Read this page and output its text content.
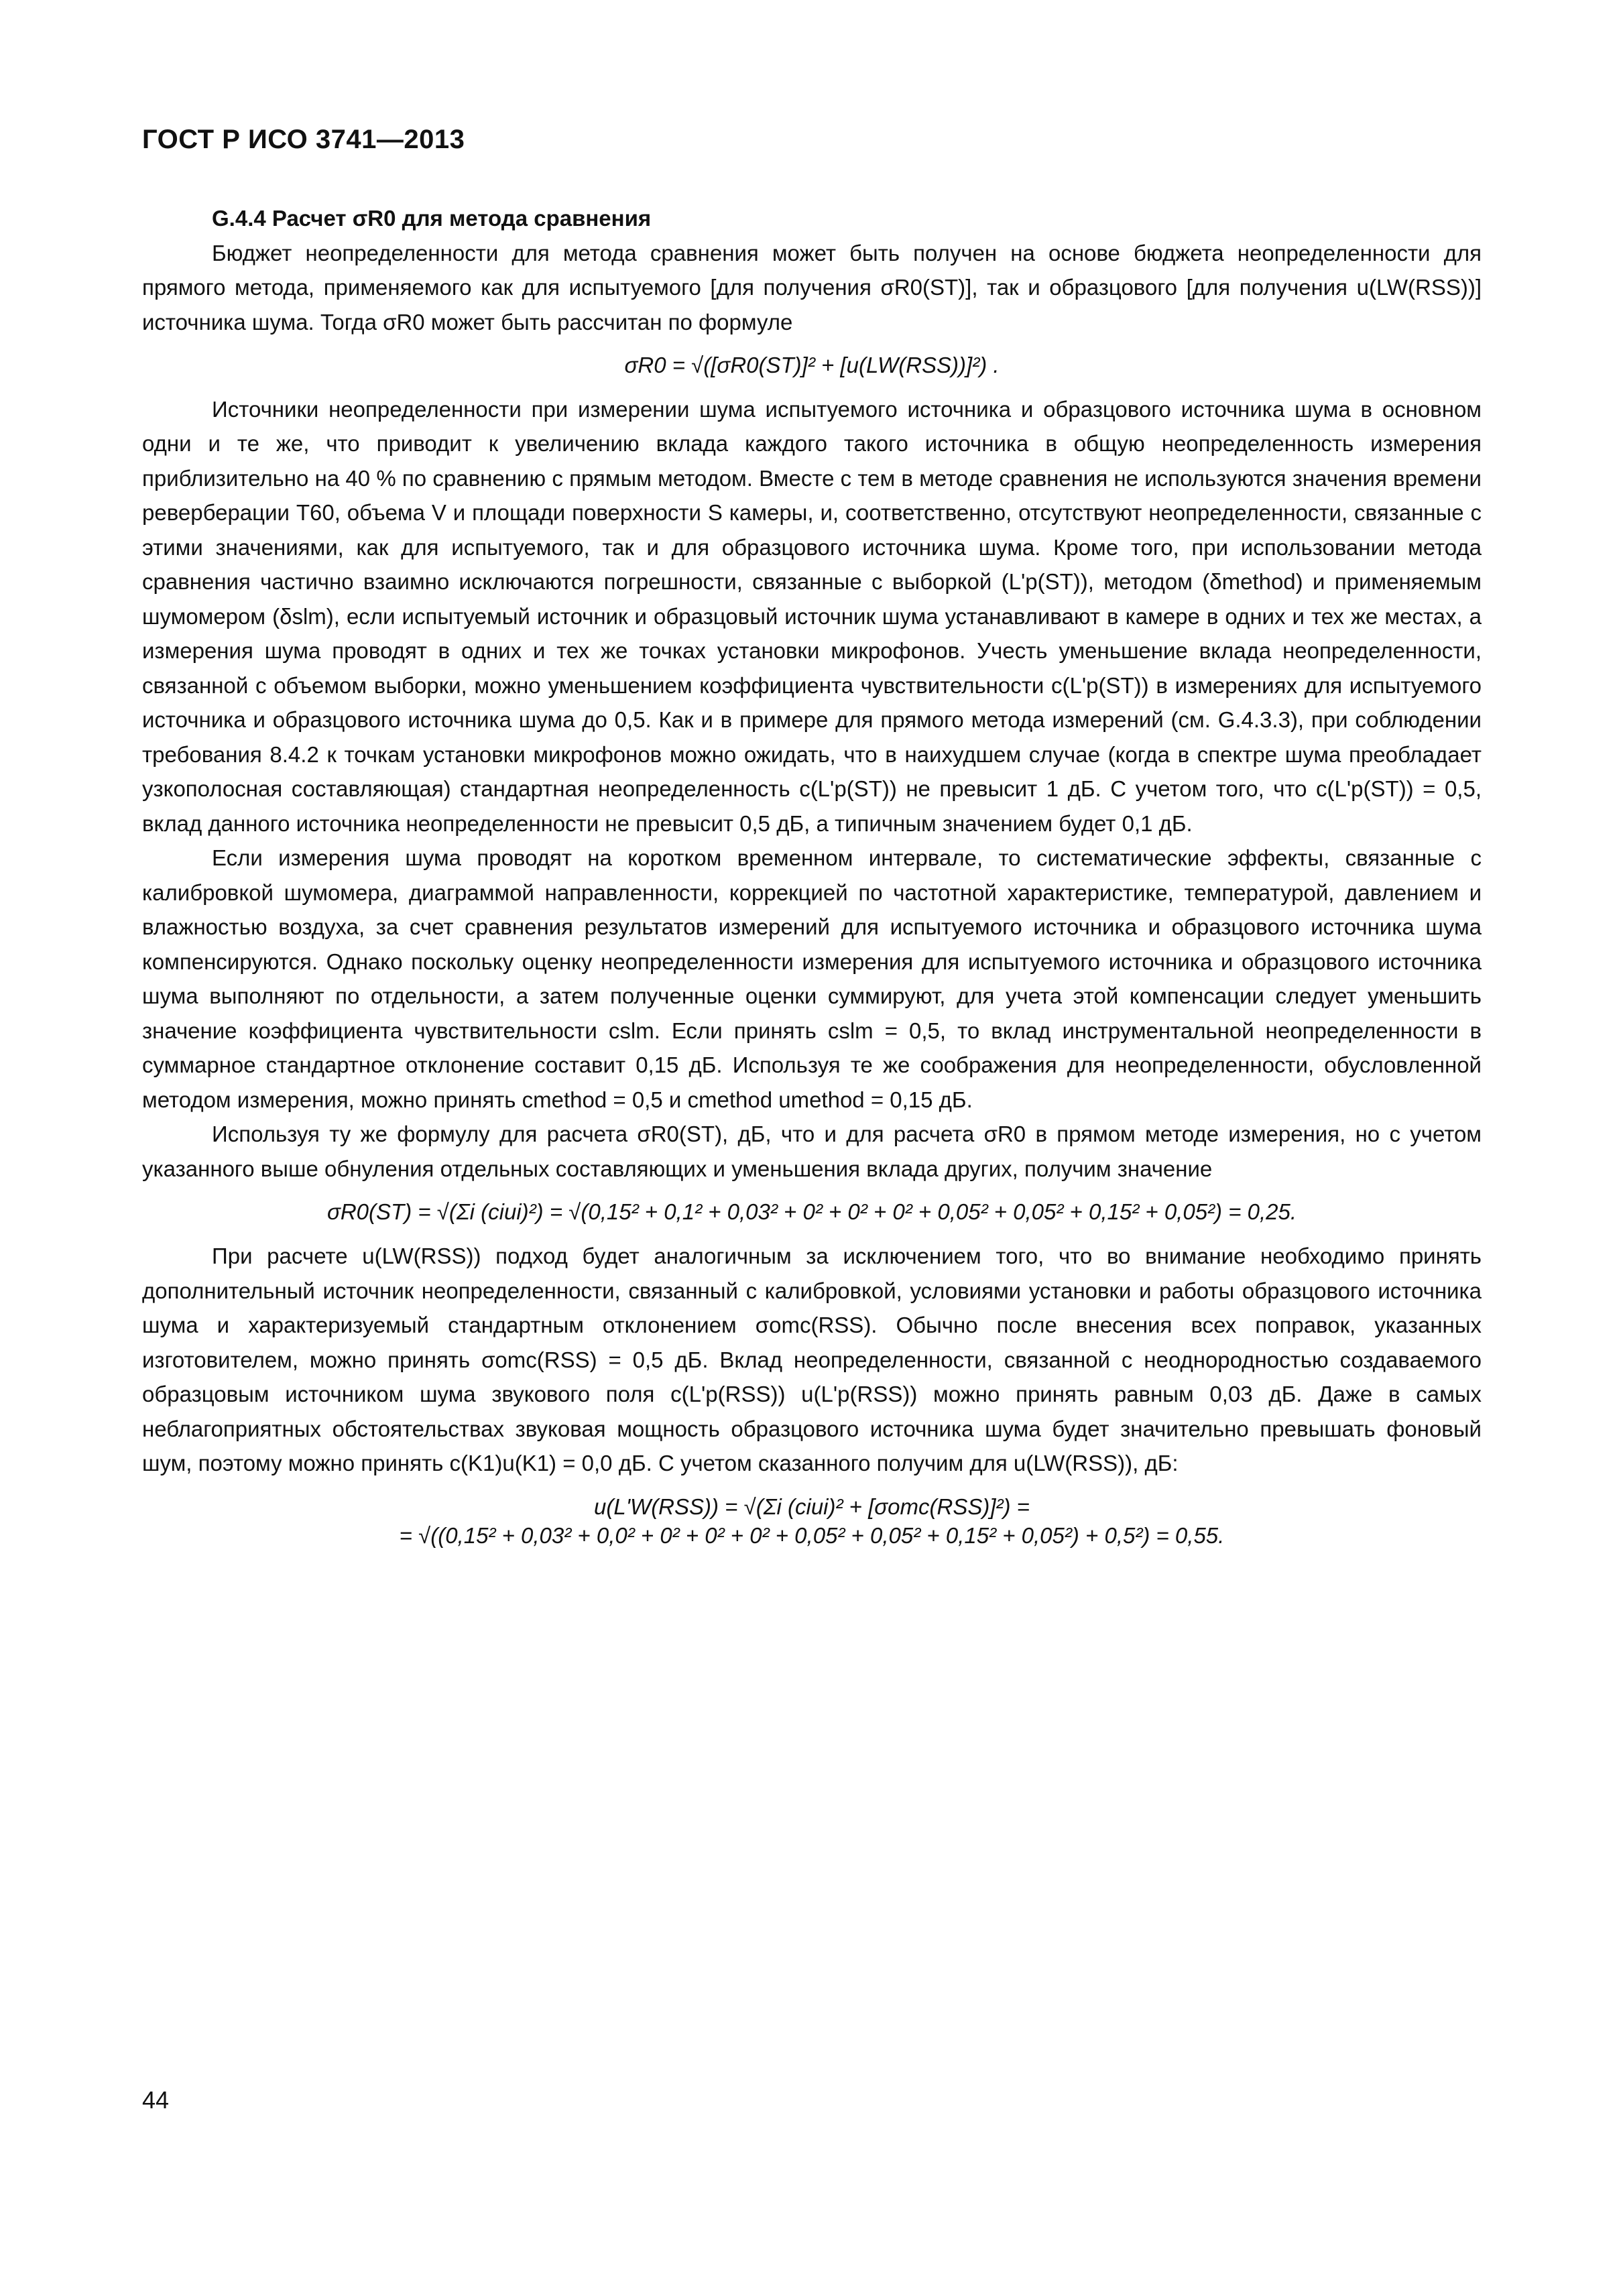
ГОСТ Р ИСО 3741—2013
G.4.4 Расчет σR0 для метода сравнения

Бюджет неопределенности для метода сравнения может быть получен на основе бюджета неопределенности для прямого метода, применяемого как для испытуемого [для получения σR0(ST)], так и образцового [для получения u(LW(RSS))] источника шума. Тогда σR0 может быть рассчитан по формуле

σR0 = √([σR0(ST)]² + [u(LW(RSS))]²) .

Источники неопределенности при измерении шума испытуемого источника и образцового источника шума в основном одни и те же, что приводит к увеличению вклада каждого такого источника в общую неопределенность измерения приблизительно на 40 % по сравнению с прямым методом. Вместе с тем в методе сравнения не используются значения времени реверберации T60, объема V и площади поверхности S камеры, и, соответственно, отсутствуют неопределенности, связанные с этими значениями, как для испытуемого, так и для образцового источника шума. Кроме того, при использовании метода сравнения частично взаимно исключаются погрешности, связанные с выборкой (L'p(ST)), методом (δmethod) и применяемым шумомером (δslm), если испытуемый источник и образцовый источник шума устанавливают в камере в одних и тех же местах, а измерения шума проводят в одних и тех же точках установки микрофонов. Учесть уменьшение вклада неопределенности, связанной с объемом выборки, можно уменьшением коэффициента чувствительности c(L'p(ST)) в измерениях для испытуемого источника и образцового источника шума до 0,5. Как и в примере для прямого метода измерений (см. G.4.3.3), при соблюдении требования 8.4.2 к точкам установки микрофонов можно ожидать, что в наихудшем случае (когда в спектре шума преобладает узкополосная составляющая) стандартная неопределенность c(L'p(ST)) не превысит 1 дБ. С учетом того, что c(L'p(ST)) = 0,5, вклад данного источника неопределенности не превысит 0,5 дБ, а типичным значением будет 0,1 дБ.

Если измерения шума проводят на коротком временном интервале, то систематические эффекты, связанные с калибровкой шумомера, диаграммой направленности, коррекцией по частотной характеристике, температурой, давлением и влажностью воздуха, за счет сравнения результатов измерений для испытуемого источника и образцового источника шума компенсируются. Однако поскольку оценку неопределенности измерения для испытуемого источника и образцового источника шума выполняют по отдельности, а затем полученные оценки суммируют, для учета этой компенсации следует уменьшить значение коэффициента чувствительности cslm. Если принять cslm = 0,5, то вклад инструментальной неопределенности в суммарное стандартное отклонение составит 0,15 дБ. Используя те же соображения для неопределенности, обусловленной методом измерения, можно принять cmethod = 0,5 и cmethod umethod = 0,15 дБ.

Используя ту же формулу для расчета σR0(ST), дБ, что и для расчета σR0 в прямом методе измерения, но с учетом указанного выше обнуления отдельных составляющих и уменьшения вклада других, получим значение

σR0(ST) = √(Σi (ciui)²) = √(0,15² + 0,1² + 0,03² + 0² + 0² + 0² + 0,05² + 0,05² + 0,15² + 0,05²) = 0,25.

При расчете u(LW(RSS)) подход будет аналогичным за исключением того, что во внимание необходимо принять дополнительный источник неопределенности, связанный с калибровкой, условиями установки и работы образцового источника шума и характеризуемый стандартным отклонением σomc(RSS). Обычно после внесения всех поправок, указанных изготовителем, можно принять σomc(RSS) = 0,5 дБ. Вклад неопределенности, связанной с неоднородностью создаваемого образцовым источником шума звукового поля c(L'p(RSS)) u(L'p(RSS)) можно принять равным 0,03 дБ. Даже в самых неблагоприятных обстоятельствах звуковая мощность образцового источника шума будет значительно превышать фоновый шум, поэтому можно принять c(K1)u(K1) = 0,0 дБ. С учетом сказанного получим для u(LW(RSS)), дБ:

u(L'W(RSS)) = √(Σi (ciui)² + [σomc(RSS)]²) =
= √((0,15² + 0,03² + 0,0² + 0² + 0² + 0² + 0,05² + 0,05² + 0,15² + 0,05²) + 0,5²) = 0,55.
44
